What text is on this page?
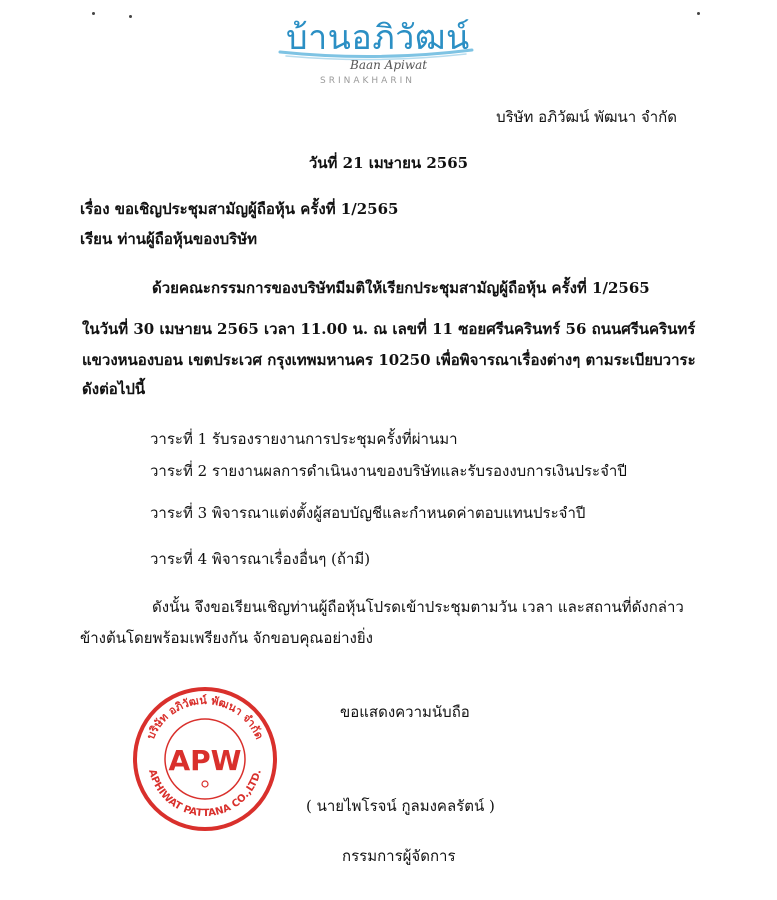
บ้านอภิวัฒน์
Baan Apiwat
SRINAKHARIN
บริษัท อภิวัฒน์ พัฒนา จำกัด
วันที่ 21 เมษายน 2565
เรื่อง ขอเชิญประชุมสามัญผู้ถือหุ้น ครั้งที่ 1/2565
เรียน ท่านผู้ถือหุ้นของบริษัท
ด้วยคณะกรรมการของบริษัทมีมติให้เรียกประชุมสามัญผู้ถือหุ้น ครั้งที่ 1/2565
ในวันที่ 30 เมษายน 2565 เวลา 11.00 น. ณ เลขที่ 11 ซอยศรีนครินทร์ 56 ถนนศรีนครินทร์
แขวงหนองบอน เขตประเวศ กรุงเทพมหานคร 10250 เพื่อพิจารณาเรื่องต่างๆ ตามระเบียบวาระ
ดังต่อไปนี้
วาระที่ 1 รับรองรายงานการประชุมครั้งที่ผ่านมา
วาระที่ 2 รายงานผลการดำเนินงานของบริษัทและรับรองงบการเงินประจำปี
วาระที่ 3 พิจารณาแต่งตั้งผู้สอบบัญชีและกำหนดค่าตอบแทนประจำปี
วาระที่ 4 พิจารณาเรื่องอื่นๆ (ถ้ามี)
ดังนั้น จึงขอเรียนเชิญท่านผู้ถือหุ้นโปรดเข้าประชุมตามวัน เวลา และสถานที่ดังกล่าว
ข้างต้นโดยพร้อมเพรียงกัน จักขอบคุณอย่างยิ่ง
บริษัท อภิวัฒน์ พัฒนา จำกัด
APHIWAT PATTANA CO.,LTD.
APW
ขอแสดงความนับถือ
( นายไพโรจน์ กูลมงคลรัตน์ )
กรรมการผู้จัดการ
